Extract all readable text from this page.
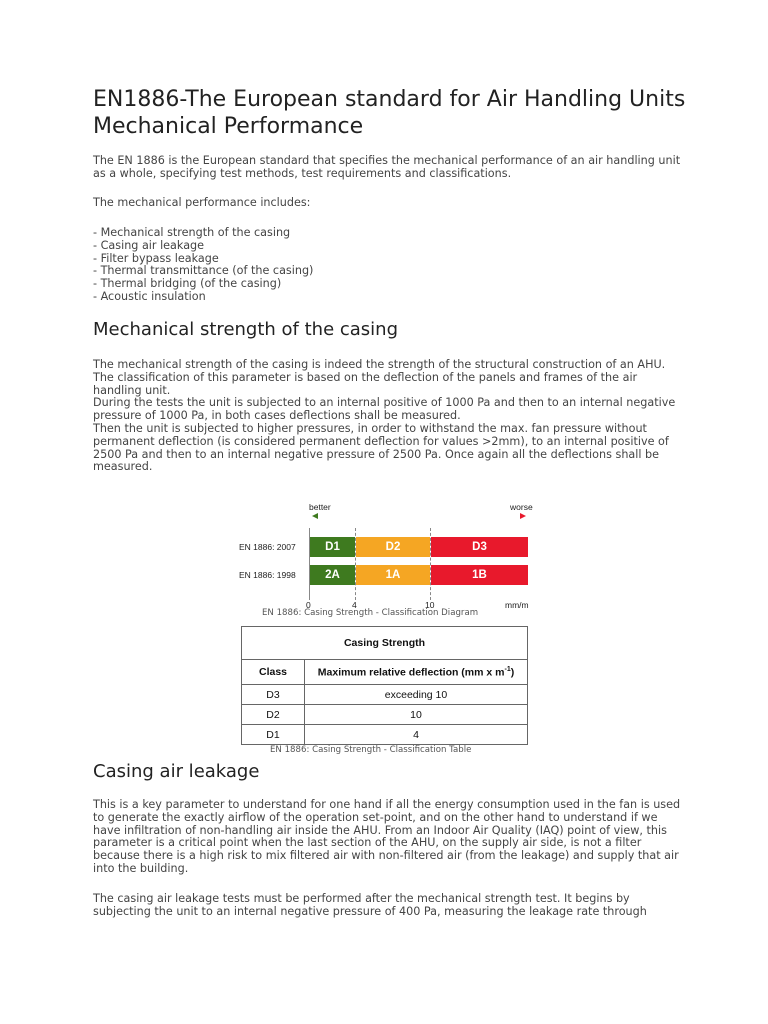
EN1886-The European standard for Air Handling Units Mechanical Performance

The EN 1886 is the European standard that specifies the mechanical performance of an air handling unit as a whole, specifying test methods, test requirements and classifications.

The mechanical performance includes:

- Mechanical strength of the casing
- Casing air leakage
- Filter bypass leakage
- Thermal transmittance (of the casing)
- Thermal bridging (of the casing)
- Acoustic insulation
Mechanical strength of the casing
The mechanical strength of the casing is indeed the strength of the structural construction of an AHU.
The classification of this parameter is based on the deflection of the panels and frames of the air handling unit.
During the tests the unit is subjected to an internal positive of 1000 Pa and then to an internal negative pressure of 1000 Pa, in both cases deflections shall be measured.
Then the unit is subjected to higher pressures, in order to withstand the max. fan pressure without permanent deflection (is considered permanent deflection for values >2mm), to an internal positive of 2500 Pa and then to an internal negative pressure of 2500 Pa. Once again all the deflections shall be measured.
better	worse
EN 1886: 2007	D1	D2	D3
EN 1886: 1998	2A	1A	1B
0	4	10	mm/m
EN 1886: Casing Strength - Classification Diagram
Casing Strength	
Class	Maximum relative deflection (mm x $m^{-1}$)
D3	exceeding 10
D2	10
D1	4
EN 1886: Casing Strength - Classification Table
Casing air leakage

This is a key parameter to understand for one hand if all the energy consumption used in the fan is used to generate the exactly airflow of the operation set-point, and on the other hand to understand if we have infiltration of non-handling air inside the AHU. From an Indoor Air Quality (IAQ) point of view, this parameter is a critical point when the last section of the AHU, on the supply air side, is not a filter because there is a high risk to mix filtered air with non-filtered air (from the leakage) and supply that air into the building.

The casing air leakage tests must be performed after the mechanical strength test. It begins by subjecting the unit to an internal negative pressure of 400 Pa, measuring the leakage rate through
